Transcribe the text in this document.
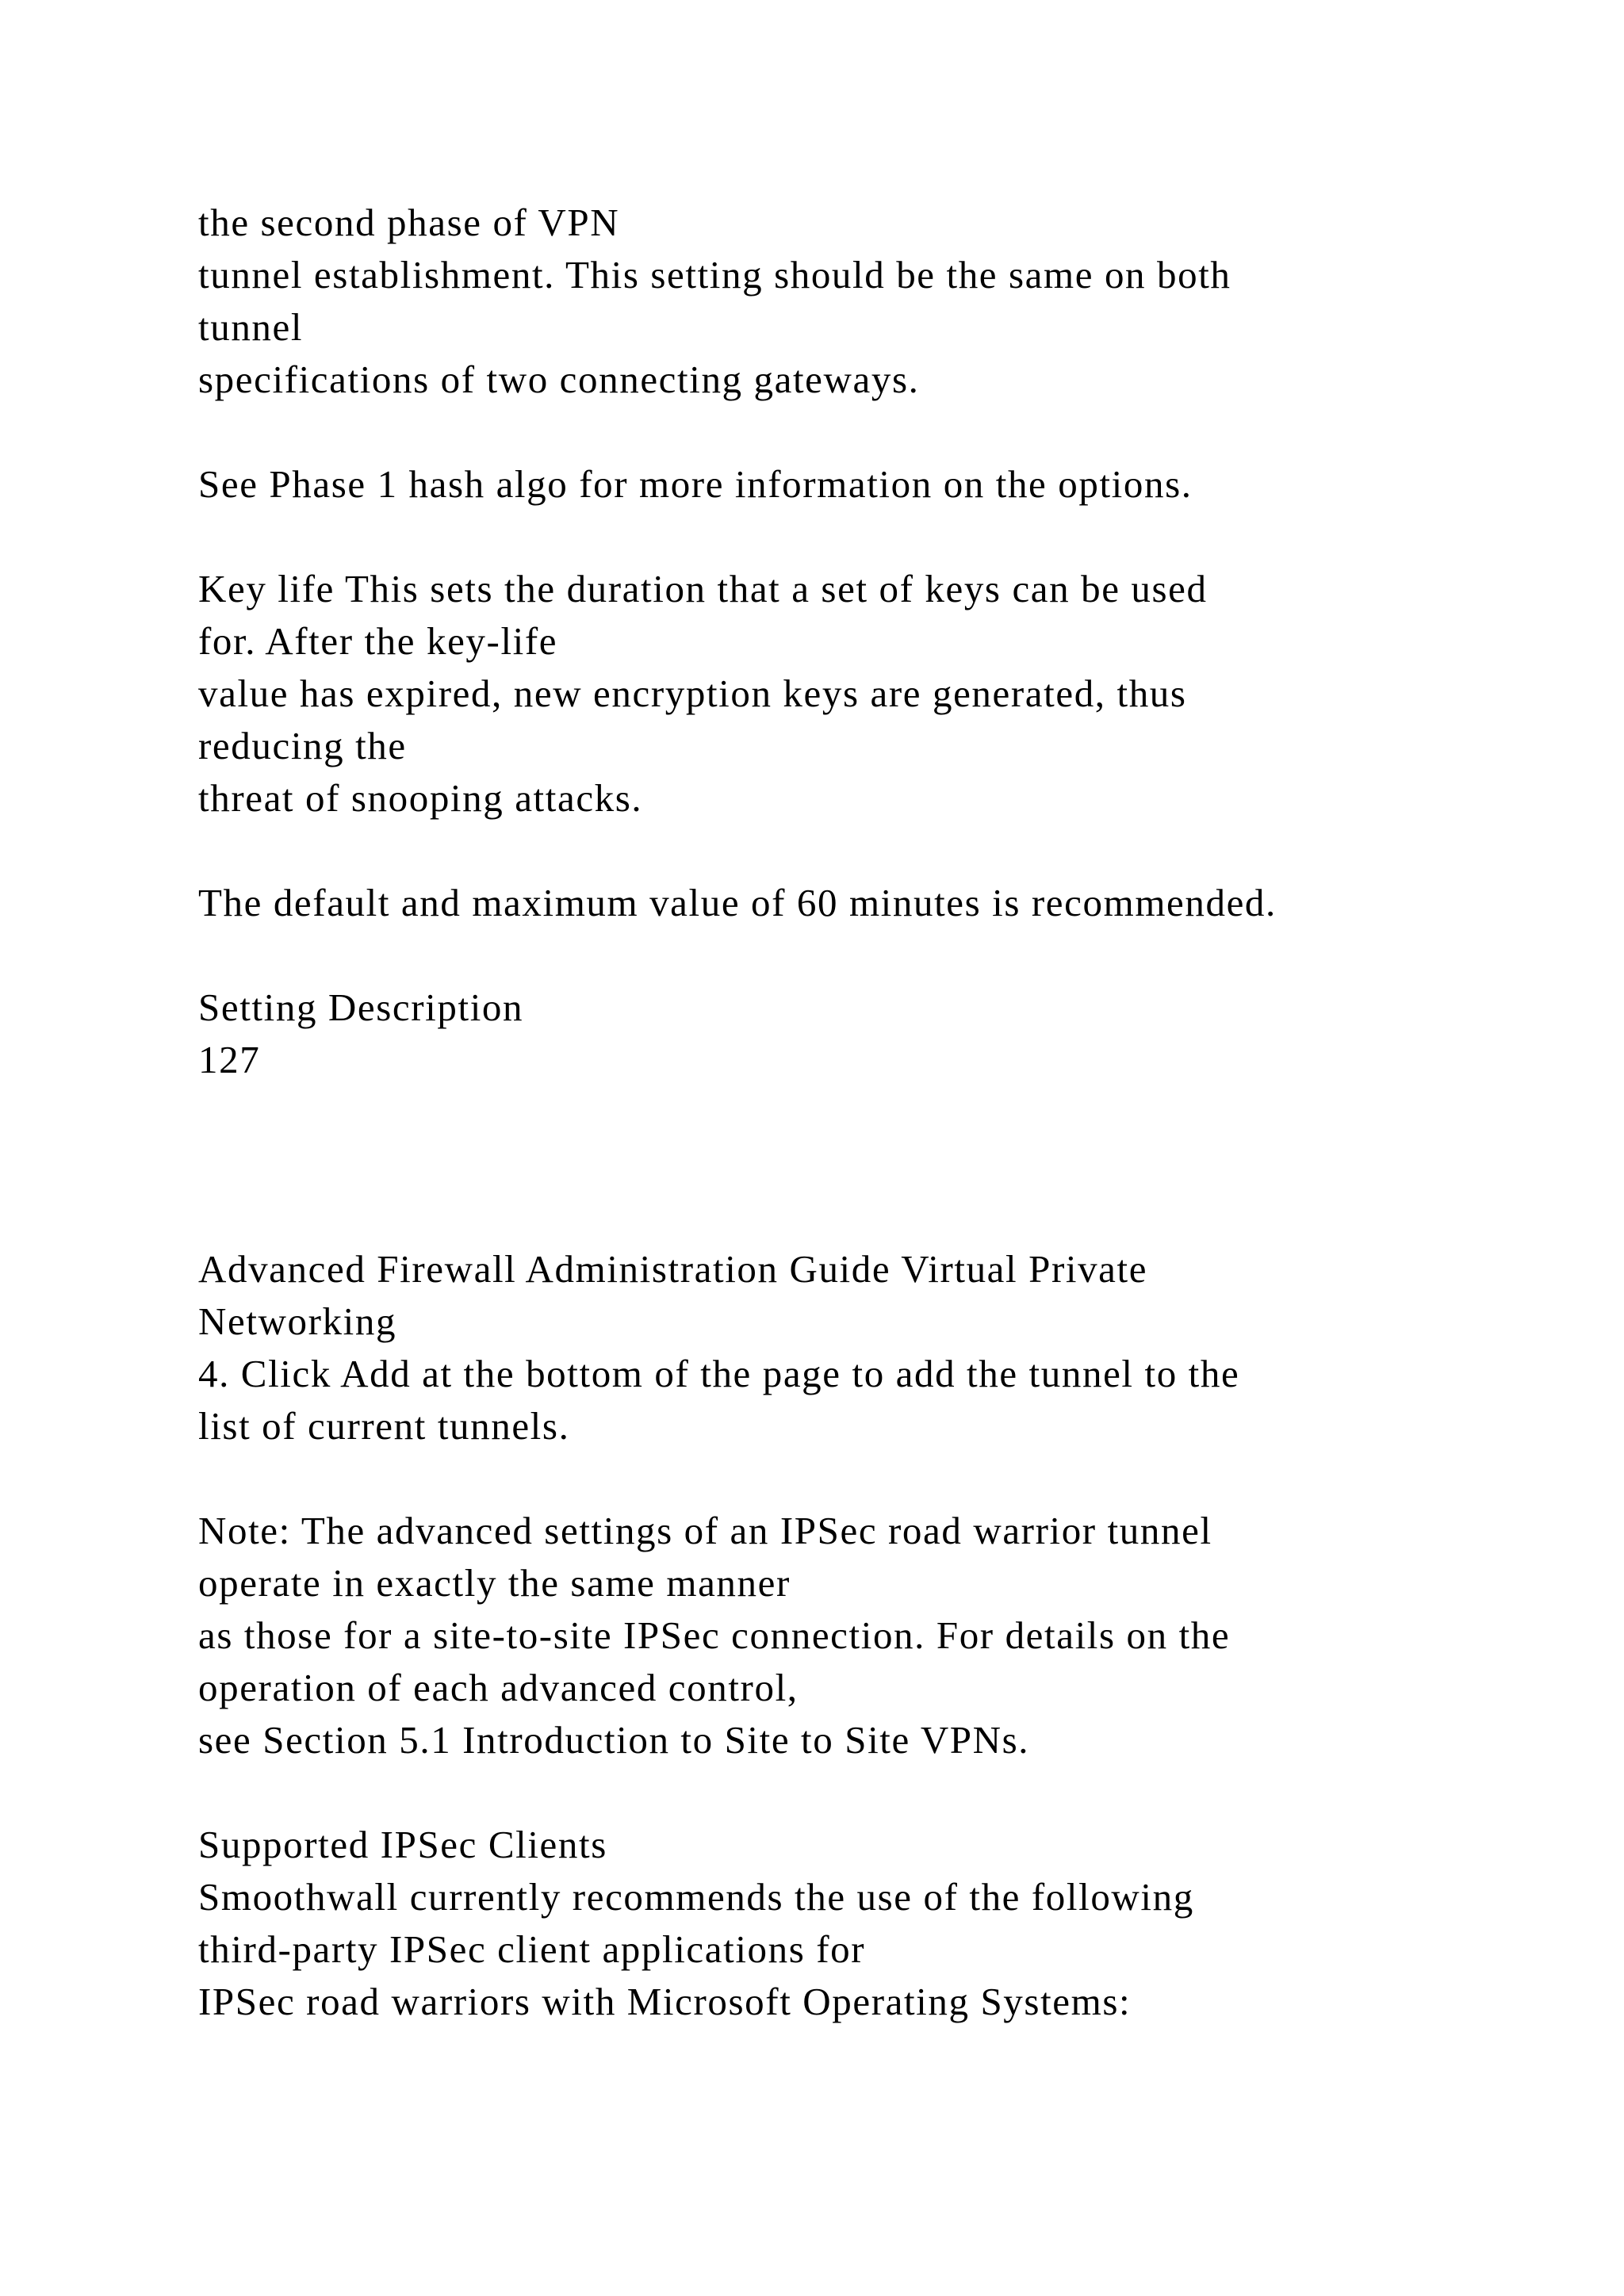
the second phase of VPN

tunnel establishment. This setting should be the same on both

tunnel

specifications of two connecting gateways.

See Phase 1 hash algo for more information on the options.

Key life This sets the duration that a set of keys can be used

for. After the key-life

value has expired, new encryption keys are generated, thus

reducing the

threat of snooping attacks.

The default and maximum value of 60 minutes is recommended.

Setting Description

127

Advanced Firewall Administration Guide Virtual Private

Networking

4. Click Add at the bottom of the page to add the tunnel to the

list of current tunnels.

Note: The advanced settings of an IPSec road warrior tunnel

operate in exactly the same manner

as those for a site-to-site IPSec connection. For details on the

operation of each advanced control,

see Section 5.1 Introduction to Site to Site VPNs.

Supported IPSec Clients

Smoothwall currently recommends the use of the following

third-party IPSec client applications for

IPSec road warriors with Microsoft Operating Systems:
